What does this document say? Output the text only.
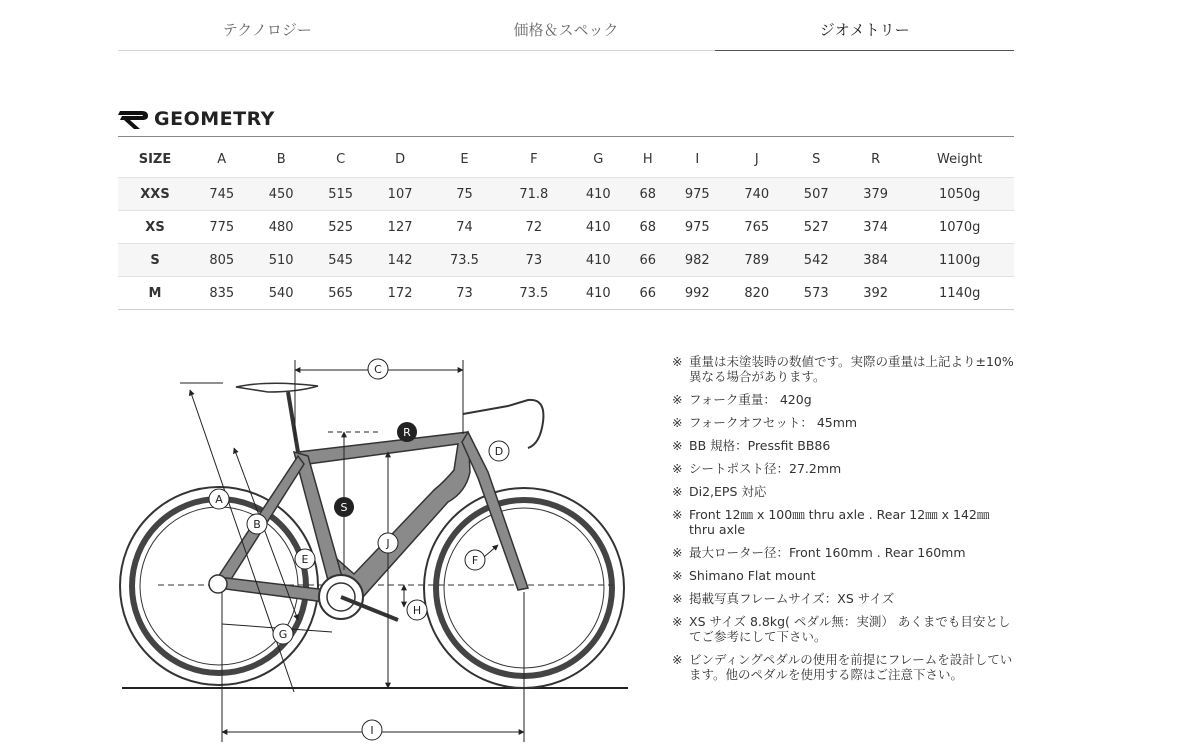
テクノロジー	価格＆スペック	ジオメトリー
GEOMETRY
SIZE	A	B	C	D	E	F	G	H	I	J	S	R	Weight
XXS	745	450	515	107	75	71.8	410	68	975	740	507	379	1050g
XS	775	480	525	127	74	72	410	68	975	765	527	374	1070g
S	805	510	545	142	73.5	73	410	66	982	789	542	384	1100g
M	835	540	565	172	73	73.5	410	66	992	820	573	392	1140g
A
B
C
D
E	F
G
H
I
J
S
R
※ 重量は未塗装時の数値です。実際の重量は上記より±10%異なる場合があります。
※ フォーク重量： 420g
※ フォークオフセット： 45mm
※ BB 規格：Pressfit BB86
※ シートポスト径：27.2mm
※ Di2,EPS 対応
※ Front 12㎜ x 100㎜ thru axle . Rear 12㎜ x 142㎜ thru axle
※ 最大ローター径：Front 160mm . Rear 160mm
※ Shimano Flat mount
※ 掲載写真フレームサイズ：XS サイズ
※ XS サイズ 8.8kg( ペダル無：実測） あくまでも目安としてご参考にして下さい。
※ ビンディングペダルの使用を前提にフレームを設計しています。他のペダルを使用する際はご注意下さい。
